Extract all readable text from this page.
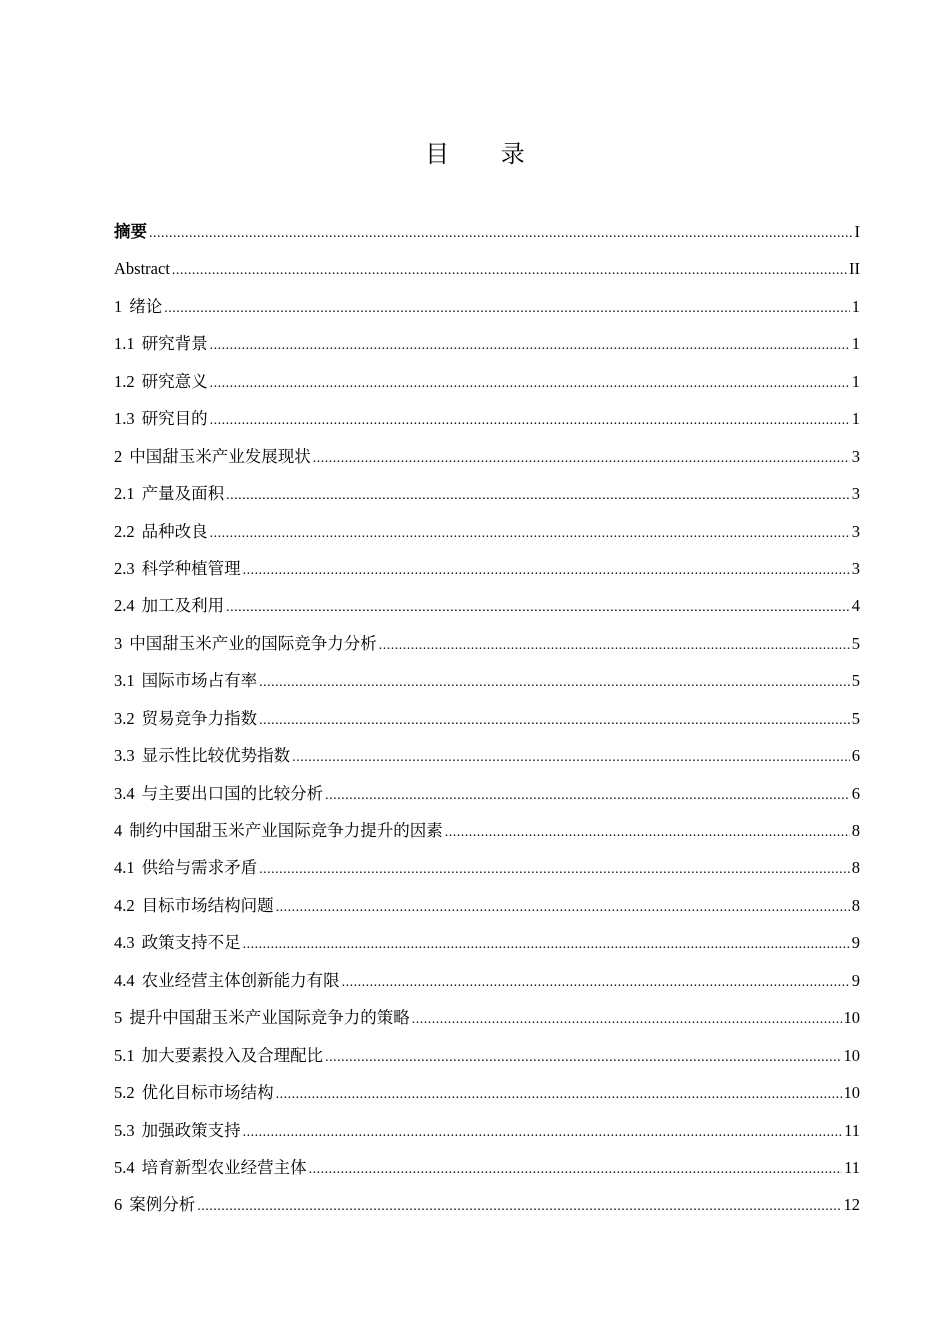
目 录
摘要 .....	I
Abstract .....	II
1 绪论 .....	1
1.1 研究背景 .....	1
1.2 研究意义 .....	1
1.3 研究目的 .....	1
2 中国甜玉米产业发展现状 .....	3
2.1 产量及面积 .....	3
2.2 品种改良 .....	3
2.3 科学种植管理 .....	3
2.4 加工及利用 .....	4
3 中国甜玉米产业的国际竞争力分析 .....	5
3.1 国际市场占有率 .....	5
3.2 贸易竞争力指数 .....	5
3.3 显示性比较优势指数 .....	6
3.4 与主要出口国的比较分析 .....	6
4 制约中国甜玉米产业国际竞争力提升的因素 .....	8
4.1 供给与需求矛盾 .....	8
4.2 目标市场结构问题 .....	8
4.3 政策支持不足 .....	9
4.4 农业经营主体创新能力有限 .....	9
5 提升中国甜玉米产业国际竞争力的策略 .....	10
5.1 加大要素投入及合理配比 .....	10
5.2 优化目标市场结构 .....	10
5.3 加强政策支持 .....	11
5.4 培育新型农业经营主体 .....	11
6 案例分析 .....	12
